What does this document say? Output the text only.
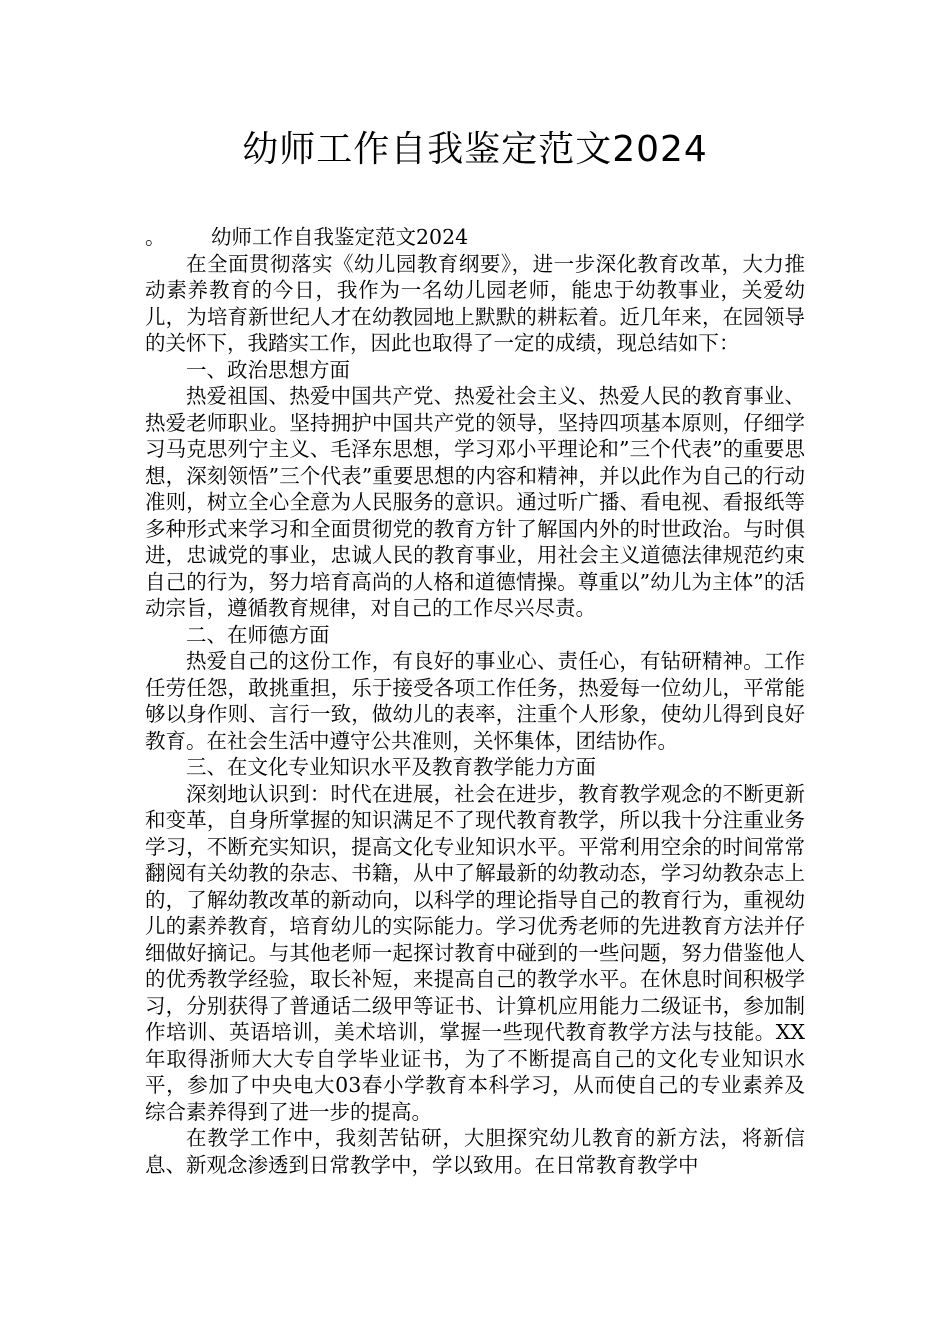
幼师工作自我鉴定范文2024

。 幼师工作自我鉴定范文2024

在全面贯彻落实《幼儿园教育纲要》，进一步深化教育改革，大力推动素养教育的今日，我作为一名幼儿园老师，能忠于幼教事业，关爱幼儿，为培育新世纪人才在幼教园地上默默的耕耘着。近几年来，在园领导的关怀下，我踏实工作，因此也取得了一定的成绩，现总结如下：

一、政治思想方面

热爱祖国、热爱中国共产党、热爱社会主义、热爱人民的教育事业、热爱老师职业。坚持拥护中国共产党的领导，坚持四项基本原则，仔细学习马克思列宁主义、毛泽东思想，学习邓小平理论和”三个代表”的重要思想，深刻领悟”三个代表”重要思想的内容和精神，并以此作为自己的行动准则，树立全心全意为人民服务的意识。通过听广播、看电视、看报纸等多种形式来学习和全面贯彻党的教育方针了解国内外的时世政治。与时俱进，忠诚党的事业，忠诚人民的教育事业，用社会主义道德法律规范约束自己的行为，努力培育高尚的人格和道德情操。尊重以”幼儿为主体”的活动宗旨，遵循教育规律，对自己的工作尽兴尽责。

二、在师德方面

热爱自己的这份工作，有良好的事业心、责任心，有钻研精神。工作任劳任怨，敢挑重担，乐于接受各项工作任务，热爱每一位幼儿，平常能够以身作则、言行一致，做幼儿的表率，注重个人形象，使幼儿得到良好教育。在社会生活中遵守公共准则，关怀集体，团结协作。

三、在文化专业知识水平及教育教学能力方面

深刻地认识到：时代在进展，社会在进步，教育教学观念的不断更新和变革，自身所掌握的知识满足不了现代教育教学，所以我十分注重业务学习，不断充实知识，提高文化专业知识水平。平常利用空余的时间常常翻阅有关幼教的杂志、书籍，从中了解最新的幼教动态，学习幼教杂志上的，了解幼教改革的新动向，以科学的理论指导自己的教育行为，重视幼儿的素养教育，培育幼儿的实际能力。学习优秀老师的先进教育方法并仔细做好摘记。与其他老师一起探讨教育中碰到的一些问题，努力借鉴他人的优秀教学经验，取长补短，来提高自己的教学水平。在休息时间积极学习，分别获得了普通话二级甲等证书、计算机应用能力二级证书，参加制作培训、英语培训，美术培训，掌握一些现代教育教学方法与技能。XX年取得浙师大大专自学毕业证书，为了不断提高自己的文化专业知识水平，参加了中央电大03春小学教育本科学习，从而使自己的专业素养及综合素养得到了进一步的提高。

在教学工作中，我刻苦钻研，大胆探究幼儿教育的新方法，将新信息、新观念渗透到日常教学中，学以致用。在日常教育教学中
